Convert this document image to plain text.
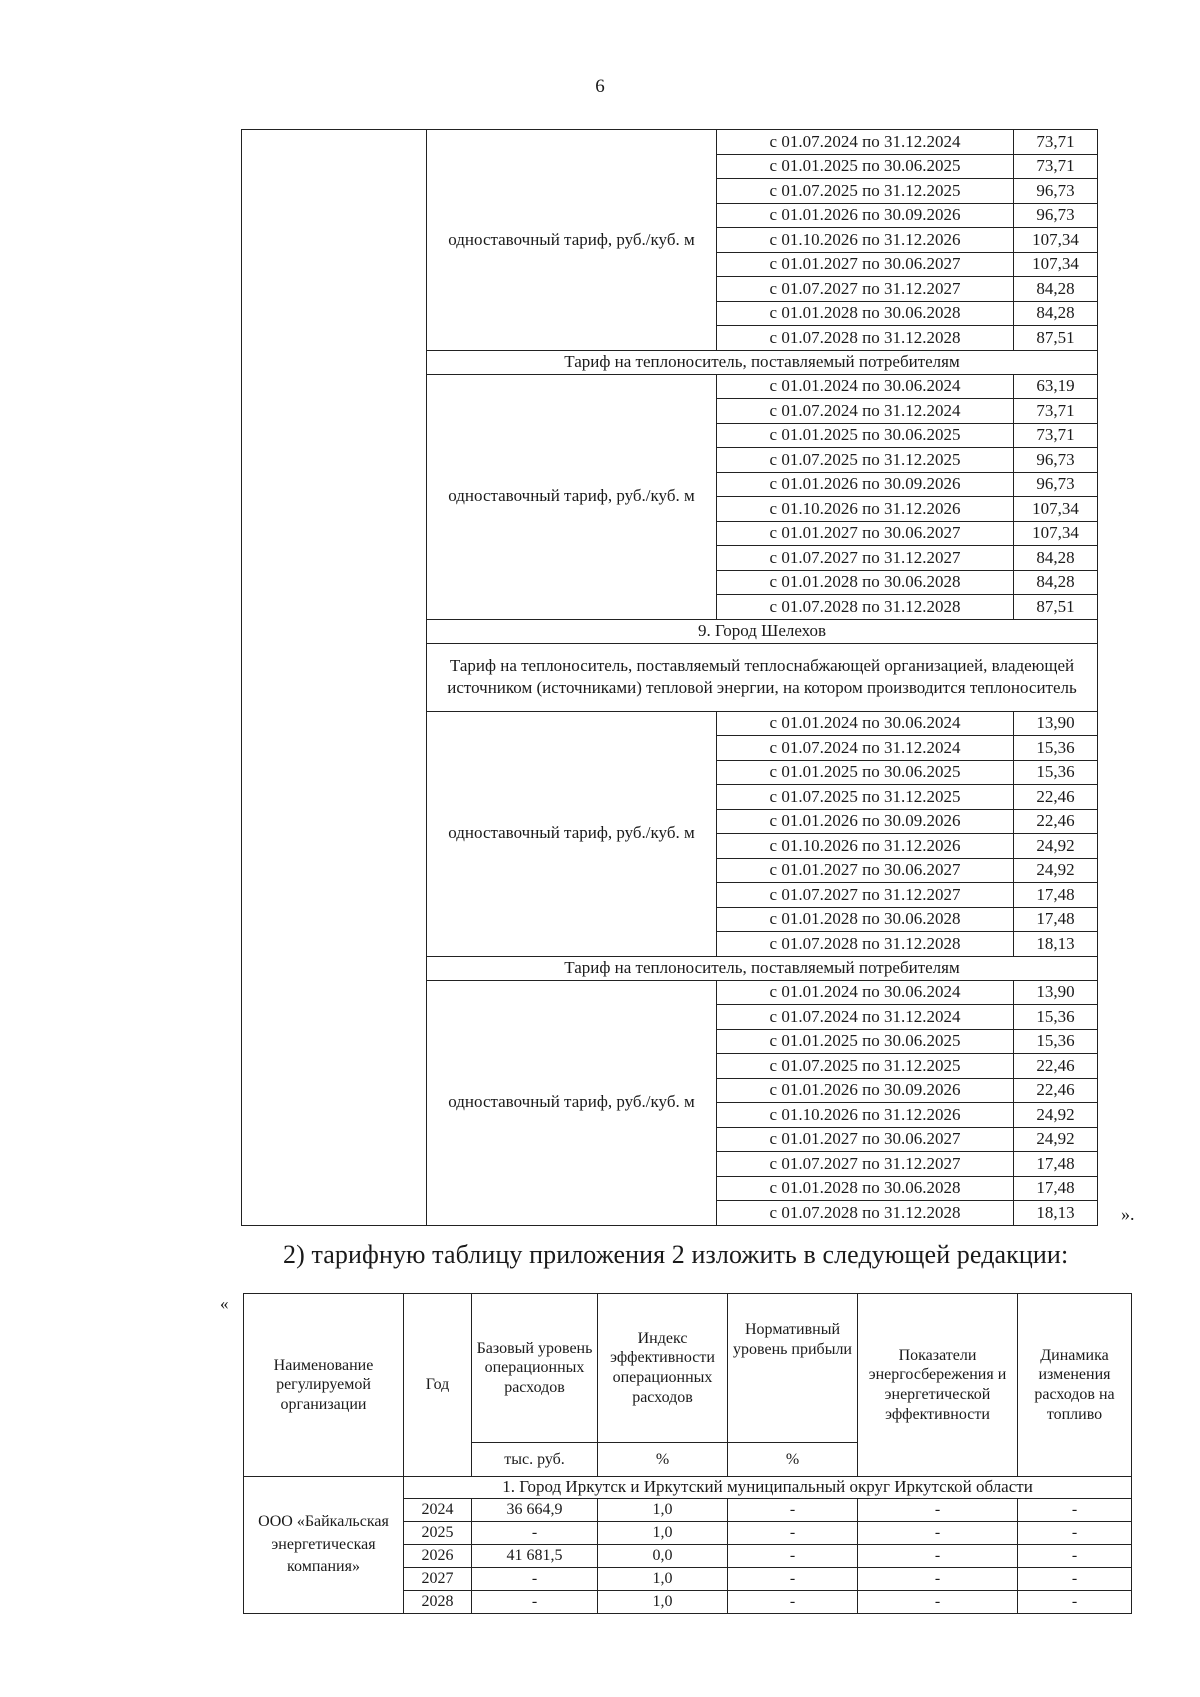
6
	одноставочный тариф, руб./куб. м	с 01.07.2024 по 31.12.2024	73,71
		с 01.01.2025 по 30.06.2025	73,71
		с 01.07.2025 по 31.12.2025	96,73
		с 01.01.2026 по 30.09.2026	96,73
		с 01.10.2026 по 31.12.2026	107,34
		с 01.01.2027 по 30.06.2027	107,34
		с 01.07.2027 по 31.12.2027	84,28
		с 01.01.2028 по 30.06.2028	84,28
		с 01.07.2028 по 31.12.2028	87,51
	Тариф на теплоноситель, поставляемый потребителям		
	одноставочный тариф, руб./куб. м	с 01.01.2024 по 30.06.2024	63,19
		с 01.07.2024 по 31.12.2024	73,71
		с 01.01.2025 по 30.06.2025	73,71
		с 01.07.2025 по 31.12.2025	96,73
		с 01.01.2026 по 30.09.2026	96,73
		с 01.10.2026 по 31.12.2026	107,34
		с 01.01.2027 по 30.06.2027	107,34
		с 01.07.2027 по 31.12.2027	84,28
		с 01.01.2028 по 30.06.2028	84,28
		с 01.07.2028 по 31.12.2028	87,51
	9. Город Шелехов		
	Тариф на теплоноситель, поставляемый теплоснабжающей организацией, владеющей источником (источниками) тепловой энергии, на котором производится теплоноситель		
	одноставочный тариф, руб./куб. м	с 01.01.2024 по 30.06.2024	13,90
		с 01.07.2024 по 31.12.2024	15,36
		с 01.01.2025 по 30.06.2025	15,36
		с 01.07.2025 по 31.12.2025	22,46
		с 01.01.2026 по 30.09.2026	22,46
		с 01.10.2026 по 31.12.2026	24,92
		с 01.01.2027 по 30.06.2027	24,92
		с 01.07.2027 по 31.12.2027	17,48
		с 01.01.2028 по 30.06.2028	17,48
		с 01.07.2028 по 31.12.2028	18,13
	Тариф на теплоноситель, поставляемый потребителям		
	одноставочный тариф, руб./куб. м	с 01.01.2024 по 30.06.2024	13,90
		с 01.07.2024 по 31.12.2024	15,36
		с 01.01.2025 по 30.06.2025	15,36
		с 01.07.2025 по 31.12.2025	22,46
		с 01.01.2026 по 30.09.2026	22,46
		с 01.10.2026 по 31.12.2026	24,92
		с 01.01.2027 по 30.06.2027	24,92
		с 01.07.2027 по 31.12.2027	17,48
		с 01.01.2028 по 30.06.2028	17,48
		с 01.07.2028 по 31.12.2028	18,13	».
2) тарифную таблицу приложения 2 изложить в следующей редакции:
«
Наименование регулируемой организации	Год	Базовый уровень операционных расходов	Индекс эффективности операционных расходов	Нормативный уровень прибыли	Показатели энергосбережения и энергетической эффективности	Динамика изменения расходов на топливо
		тыс. руб.	%	%		
ООО «Байкальская энергетическая компания»	1. Город Иркутск и Иркутский муниципальный округ Иркутской области					
	2024	36 664,9	1,0	-	-	-
	2025	-	1,0	-	-	-
	2026	41 681,5	0,0	-	-	-
	2027	-	1,0	-	-	-
	2028	-	1,0	-	-	-
